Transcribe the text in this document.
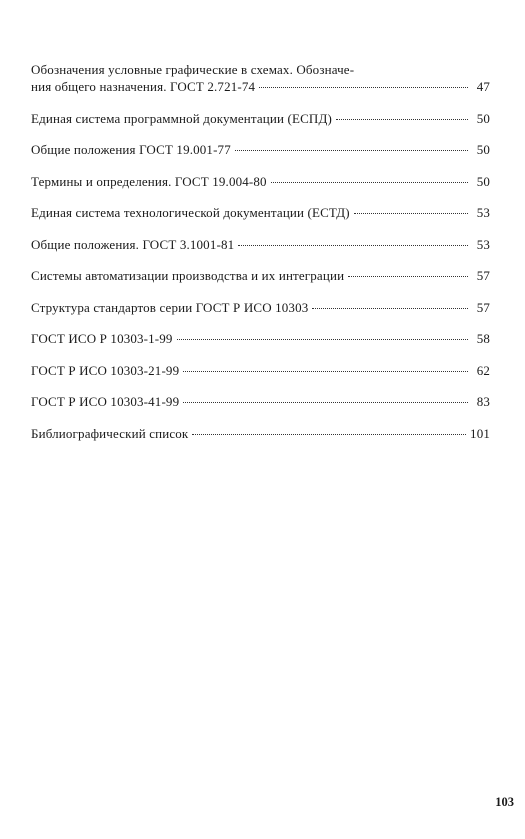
Обозначения условные графические в схемах. Обозначе-
ния общего назначения. ГОСТ 2.721-74	47
Единая система программной документации (ЕСПД)	50
Общие положения ГОСТ 19.001-77	50
Термины и определения. ГОСТ 19.004-80	50
Единая система технологической документации (ЕСТД)	53
Общие положения. ГОСТ 3.1001-81	53
Системы автоматизации производства и их интеграции	57
Структура стандартов серии ГОСТ Р ИСО 10303	57
ГОСТ ИСО Р 10303-1-99	58
ГОСТ Р ИСО 10303-21-99	62
ГОСТ Р ИСО 10303-41-99	83
Библиографический список	101
103
